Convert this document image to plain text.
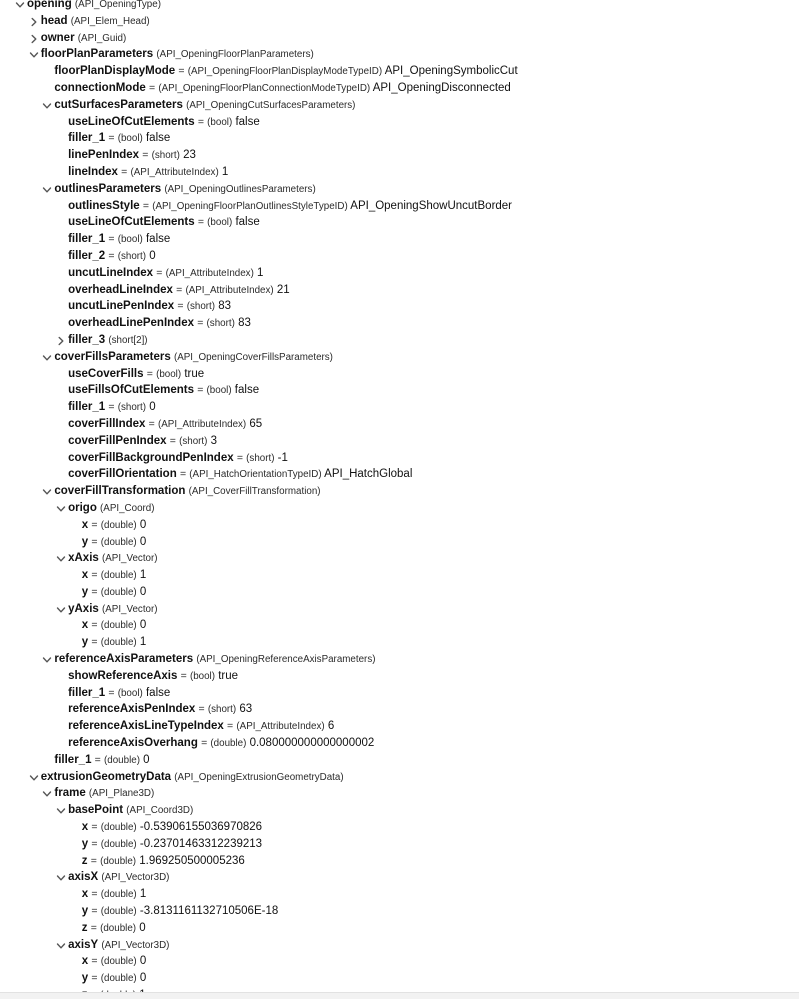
opening (API_OpeningType)
head (API_Elem_Head)
owner (API_Guid)
floorPlanParameters (API_OpeningFloorPlanParameters)
floorPlanDisplayMode = (API_OpeningFloorPlanDisplayModeTypeID) API_OpeningSymbolicCut
connectionMode = (API_OpeningFloorPlanConnectionModeTypeID) API_OpeningDisconnected
cutSurfacesParameters (API_OpeningCutSurfacesParameters)
useLineOfCutElements = (bool) false
filler_1 = (bool) false
linePenIndex = (short) 23
lineIndex = (API_AttributeIndex) 1
outlinesParameters (API_OpeningOutlinesParameters)
outlinesStyle = (API_OpeningFloorPlanOutlinesStyleTypeID) API_OpeningShowUncutBorder
useLineOfCutElements = (bool) false
filler_1 = (bool) false
filler_2 = (short) 0
uncutLineIndex = (API_AttributeIndex) 1
overheadLineIndex = (API_AttributeIndex) 21
uncutLinePenIndex = (short) 83
overheadLinePenIndex = (short) 83
filler_3 (short[2])
coverFillsParameters (API_OpeningCoverFillsParameters)
useCoverFills = (bool) true
useFillsOfCutElements = (bool) false
filler_1 = (short) 0
coverFillIndex = (API_AttributeIndex) 65
coverFillPenIndex = (short) 3
coverFillBackgroundPenIndex = (short) -1
coverFillOrientation = (API_HatchOrientationTypeID) API_HatchGlobal
coverFillTransformation (API_CoverFillTransformation)
origo (API_Coord)
x = (double) 0
y = (double) 0
xAxis (API_Vector)
x = (double) 1
y = (double) 0
yAxis (API_Vector)
x = (double) 0
y = (double) 1
referenceAxisParameters (API_OpeningReferenceAxisParameters)
showReferenceAxis = (bool) true
filler_1 = (bool) false
referenceAxisPenIndex = (short) 63
referenceAxisLineTypeIndex = (API_AttributeIndex) 6
referenceAxisOverhang = (double) 0.080000000000000002
filler_1 = (double) 0
extrusionGeometryData (API_OpeningExtrusionGeometryData)
frame (API_Plane3D)
basePoint (API_Coord3D)
x = (double) -0.53906155036970826
y = (double) -0.23701463312239213
z = (double) 1.969250500005236
axisX (API_Vector3D)
x = (double) 1
y = (double) -3.8131161132710506E-18
z = (double) 0
axisY (API_Vector3D)
x = (double) 0
y = (double) 0
